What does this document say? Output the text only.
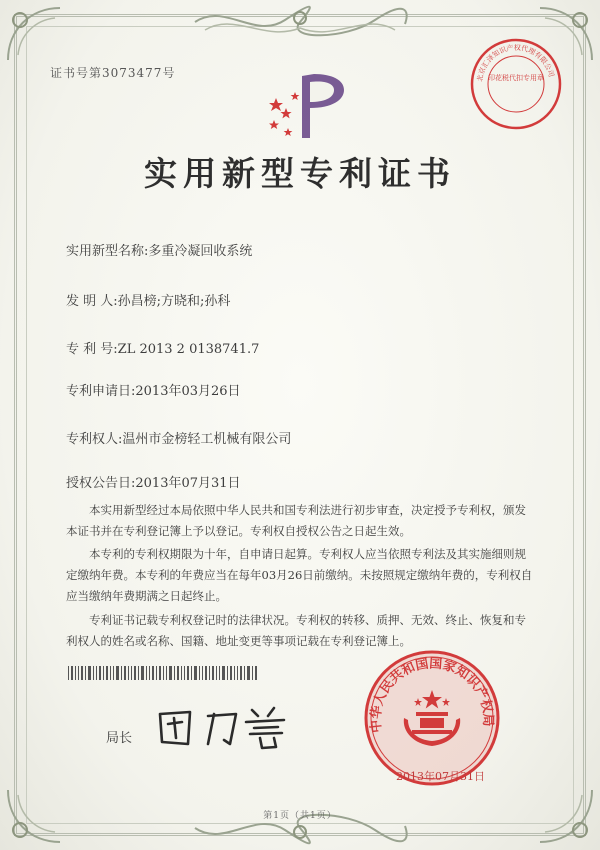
证书号第3073477号	北京汇泽知识产权代理有限公司
印花税代扣专用章
实用新型专利证书
实用新型名称:多重冷凝回收系统
发 明 人:孙昌榜;方晓和;孙科
专 利 号:ZL 2013 2 0138741.7
专利申请日:2013年03月26日
专利权人:温州市金榜轻工机械有限公司
授权公告日:2013年07月31日

本实用新型经过本局依照中华人民共和国专利法进行初步审查，决定授予专利权，颁发本证书并在专利登记簿上予以登记。专利权自授权公告之日起生效。

本专利的专利权期限为十年，自申请日起算。专利权人应当依照专利法及其实施细则规定缴纳年费。本专利的年费应当在每年03月26日前缴纳。未按照规定缴纳年费的，专利权自应当缴纳年费期满之日起终止。

专利证书记载专利权登记时的法律状况。专利权的转移、质押、无效、终止、恢复和专利权人的姓名或名称、国籍、地址变更等事项记载在专利登记簿上。

局长
中华人民共和国国家知识产权局
2013年07月31日
第1页（共1页）
